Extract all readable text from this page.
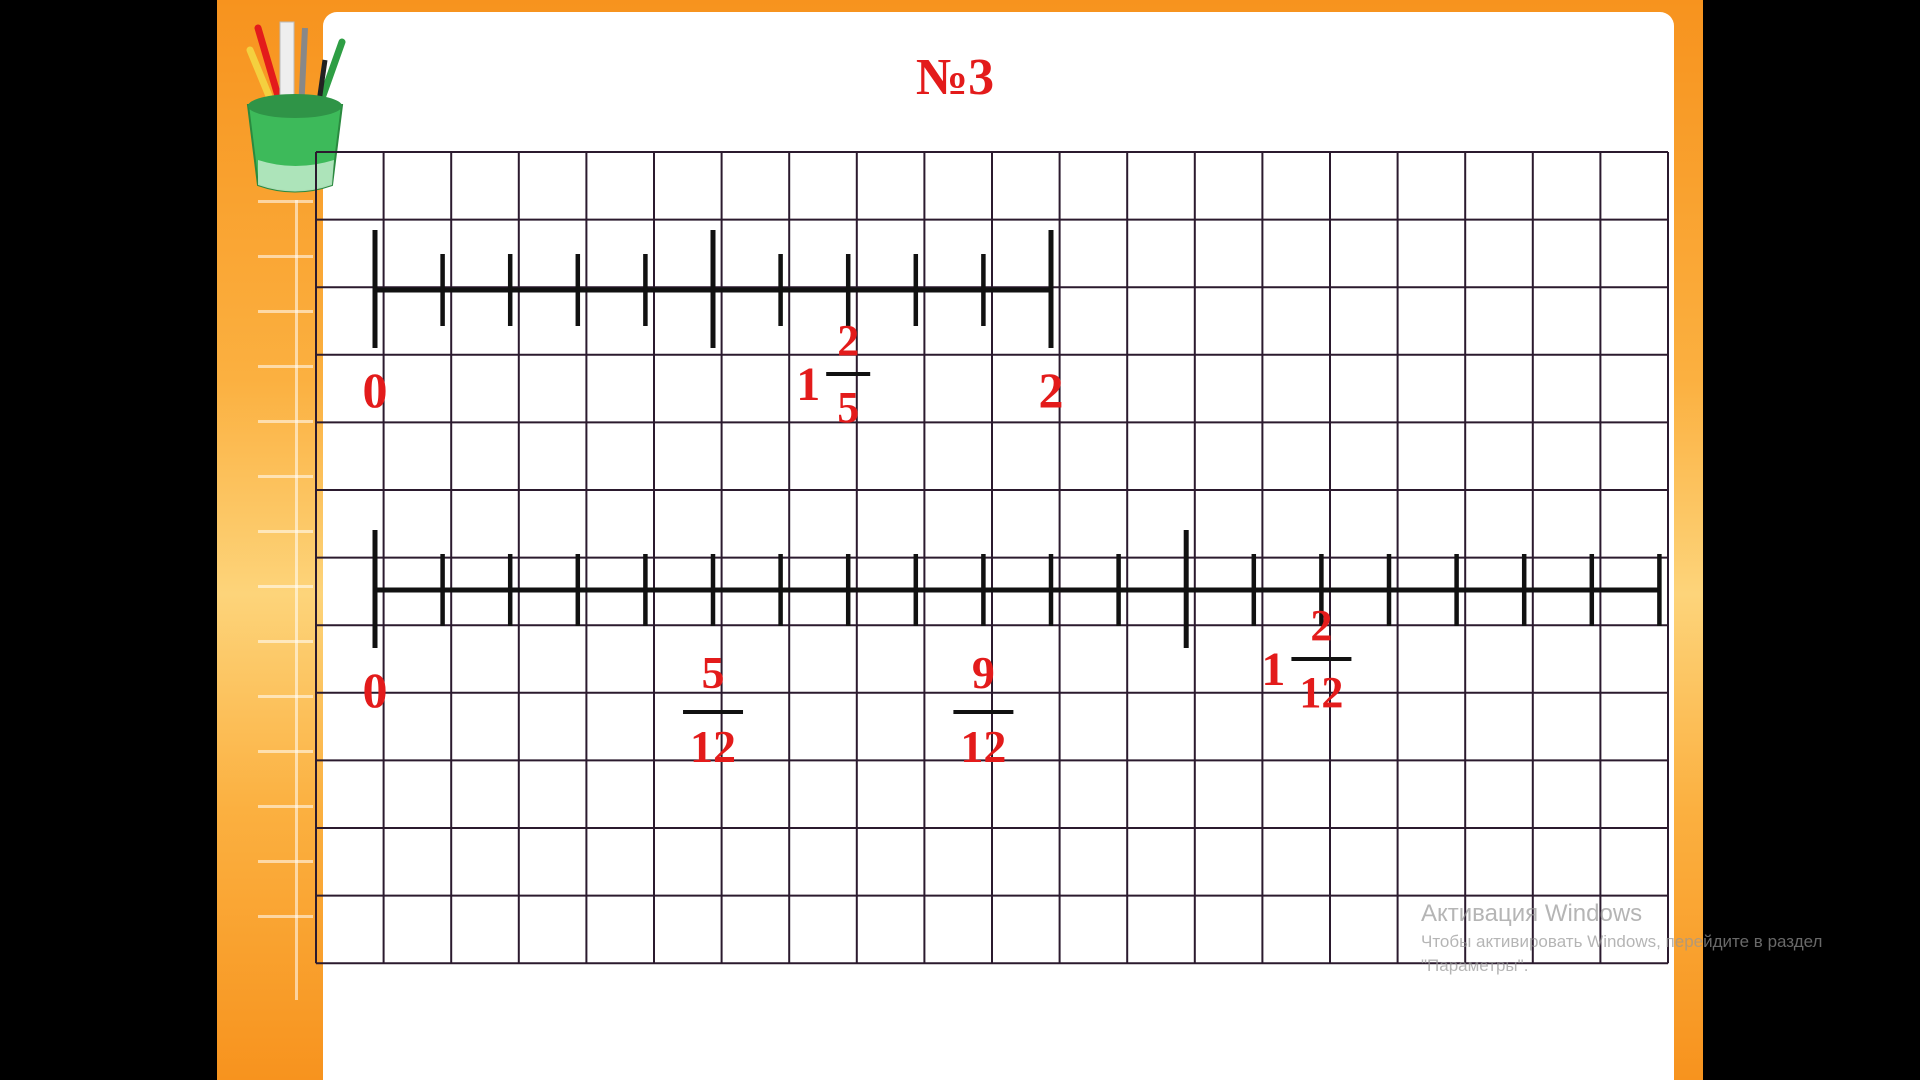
0	2
2
5
1
0	5
12
9
12
2
12
1
№3
Активация Windows
Чтобы активировать Windows, перейдите в раздел
"Параметры".
